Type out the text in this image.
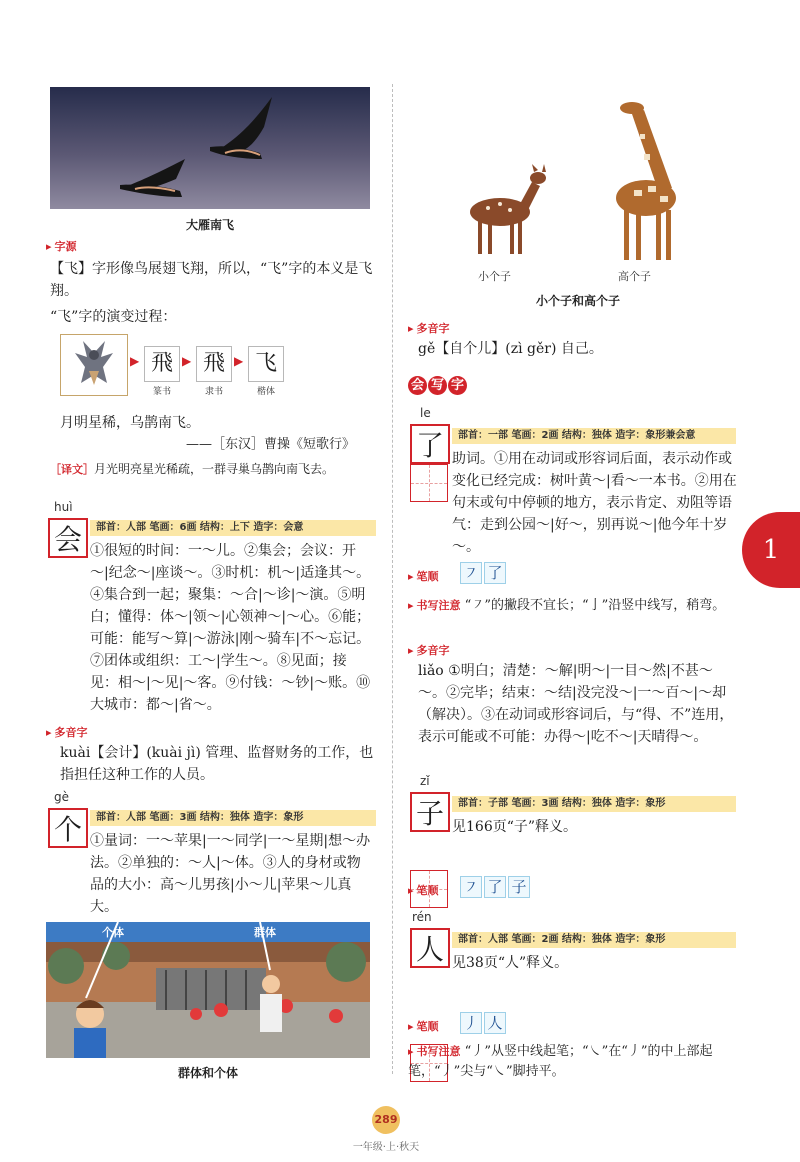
大雁南飞
▸ 字源
【飞】字形像鸟展翅飞翔，所以，“飞”字的本义是飞翔。
“飞”字的演变过程：
▶ 飛
篆书
▶ 飛
隶书
▶ 飞
楷体
月明星稀，乌鹊南飞。
——［东汉］曹操《短歌行》
［译文］月光明亮星光稀疏，一群寻巢乌鹊向南飞去。
huì
会	部首：人部 笔画：6画 结构：上下 造字：会意
①很短的时间：一～儿。②集会；会议：开～|纪念～|座谈～。③时机：机～|适逢其～。④集合到一起；聚集：～合|～诊|～演。⑤明白；懂得：体～|领～|心领神～|～心。⑥能；可能：能写～算|～游泳|刚～骑车|不～忘记。⑦团体或组织：工～|学生～。⑧见面；接见：相～|～见|～客。⑨付钱：～钞|～账。⑩大城市：都～|省～。
▸ 多音字
kuài【会计】(kuài jì) 管理、监督财务的工作，也指担任这种工作的人员。
gè
个	部首：人部 笔画：3画 结构：独体 造字：象形
①量词：一～苹果|一～同学|一～星期|想～办法。②单独的：～人|～体。③人的身材或物品的大小：高～儿男孩|小～儿|苹果～儿真大。
个体	群体
群体和个体
小个子	高个子
小个子和高个子
▸ 多音字
gě【自个儿】(zì gěr) 自己。
会 写 字
le
了	部首：一部 笔画：2画 结构：独体 造字：象形兼会意
助词。①用在动词或形容词后面，表示动作或变化已经完成：树叶黄～|看～一本书。②用在句末或句中停顿的地方，表示肯定、劝阻等语气：走到公园～|好～，别再说～|他今年十岁～。
▸ 笔顺 ㇇ 了
▸ 书写注意 “㇇”的撇段不宜长；“亅”沿竖中线写，稍弯。
▸ 多音字
liǎo ①明白；清楚：～解|明～|一目～然|不甚～～。②完毕；结束：～结|没完没～|一～百～|～却（解决）。③在动词或形容词后，与“得、不”连用，表示可能或不可能：办得～|吃不～|天晴得～。
zǐ
子	部首：子部 笔画：3画 结构：独体 造字：象形
见166页“子”释义。
▸ 笔顺 ㇇ 了 子
rén
人	部首：人部 笔画：2画 结构：独体 造字：象形
见38页“人”释义。
▸ 笔顺 丿 人
▸ 书写注意 “丿”从竖中线起笔；“㇏”在“丿”的中上部起笔，“丿”尖与“㇏”脚持平。
1
289
一年级·上·秋天
